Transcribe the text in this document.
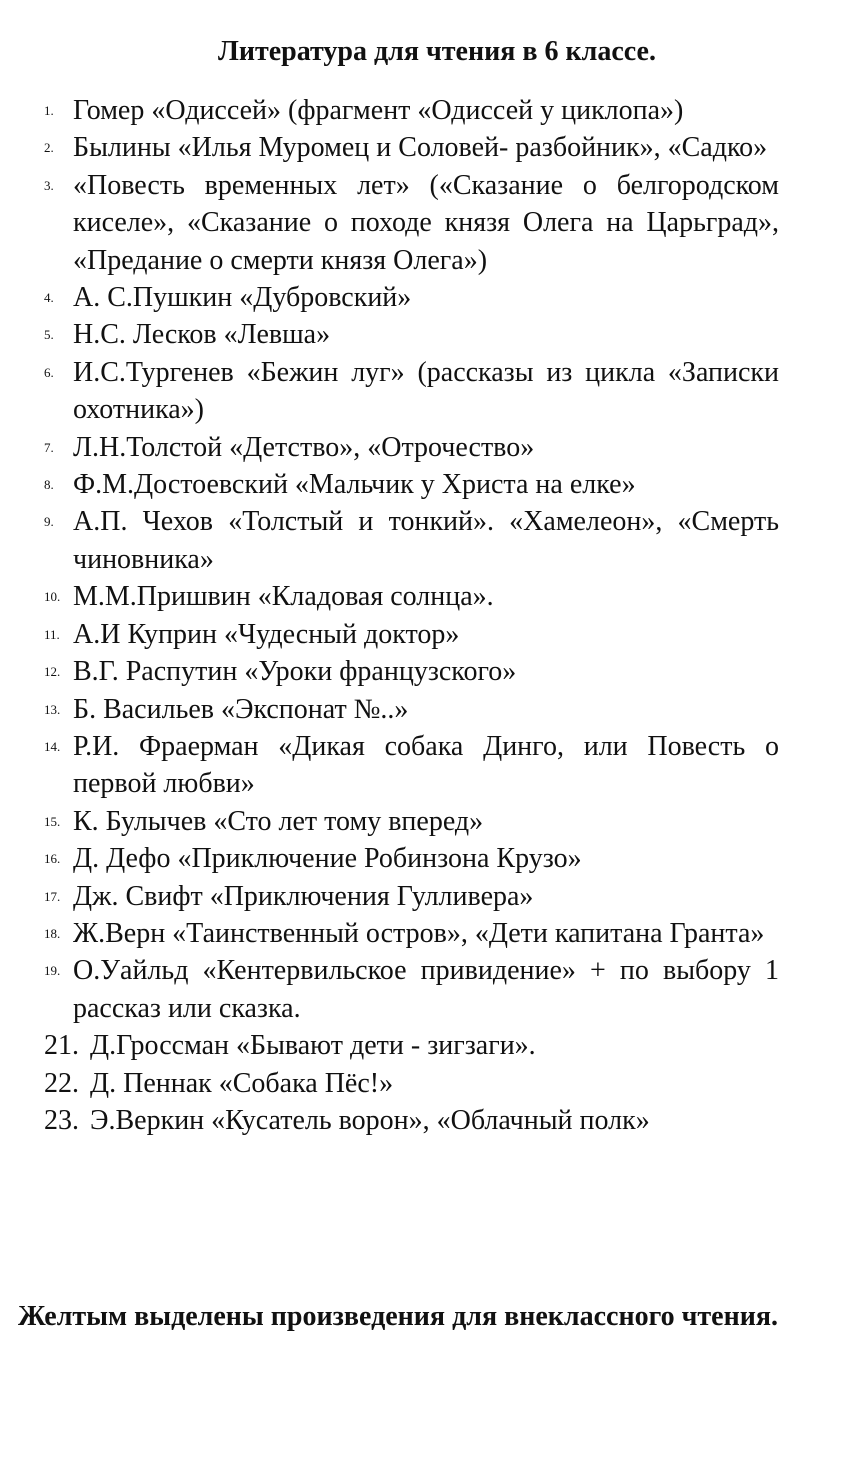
Литература для чтения в 6 классе.
1. Гомер «Одиссей» (фрагмент «Одиссей у циклопа»)
2. Былины «Илья Муромец и Соловей- разбойник», «Садко»
3. «Повесть временных лет» («Сказание о белгородском киселе», «Сказание о походе князя Олега на Царьград», «Предание о смерти князя Олега»)
4. А. С.Пушкин «Дубровский»
5. Н.С. Лесков «Левша»
6. И.С.Тургенев «Бежин луг» (рассказы из цикла «Записки охотника»)
7. Л.Н.Толстой «Детство», «Отрочество»
8. Ф.М.Достоевский «Мальчик у Христа на елке»
9. А.П. Чехов «Толстый и тонкий». «Хамелеон», «Смерть чиновника»
10. М.М.Пришвин «Кладовая солнца».
11. А.И Куприн «Чудесный доктор»
12. В.Г. Распутин «Уроки французского»
13. Б. Васильев «Экспонат №..»
14. Р.И. Фраерман «Дикая собака Динго, или Повесть о первой любви»
15. К. Булычев «Сто лет тому вперед»
16. Д. Дефо «Приключение Робинзона Крузо»
17. Дж. Свифт «Приключения Гулливера»
18. Ж.Верн «Таинственный остров», «Дети капитана Гранта»
19. О.Уайльд «Кентервильское привидение» + по выбору 1 рассказ или сказка.
21. Д.Гроссман «Бывают дети - зигзаги».
22. Д. Пеннак «Собака Пёс!»
23. Э.Веркин «Кусатель ворон», «Облачный полк»

Желтым выделены произведения для внеклассного чтения.
